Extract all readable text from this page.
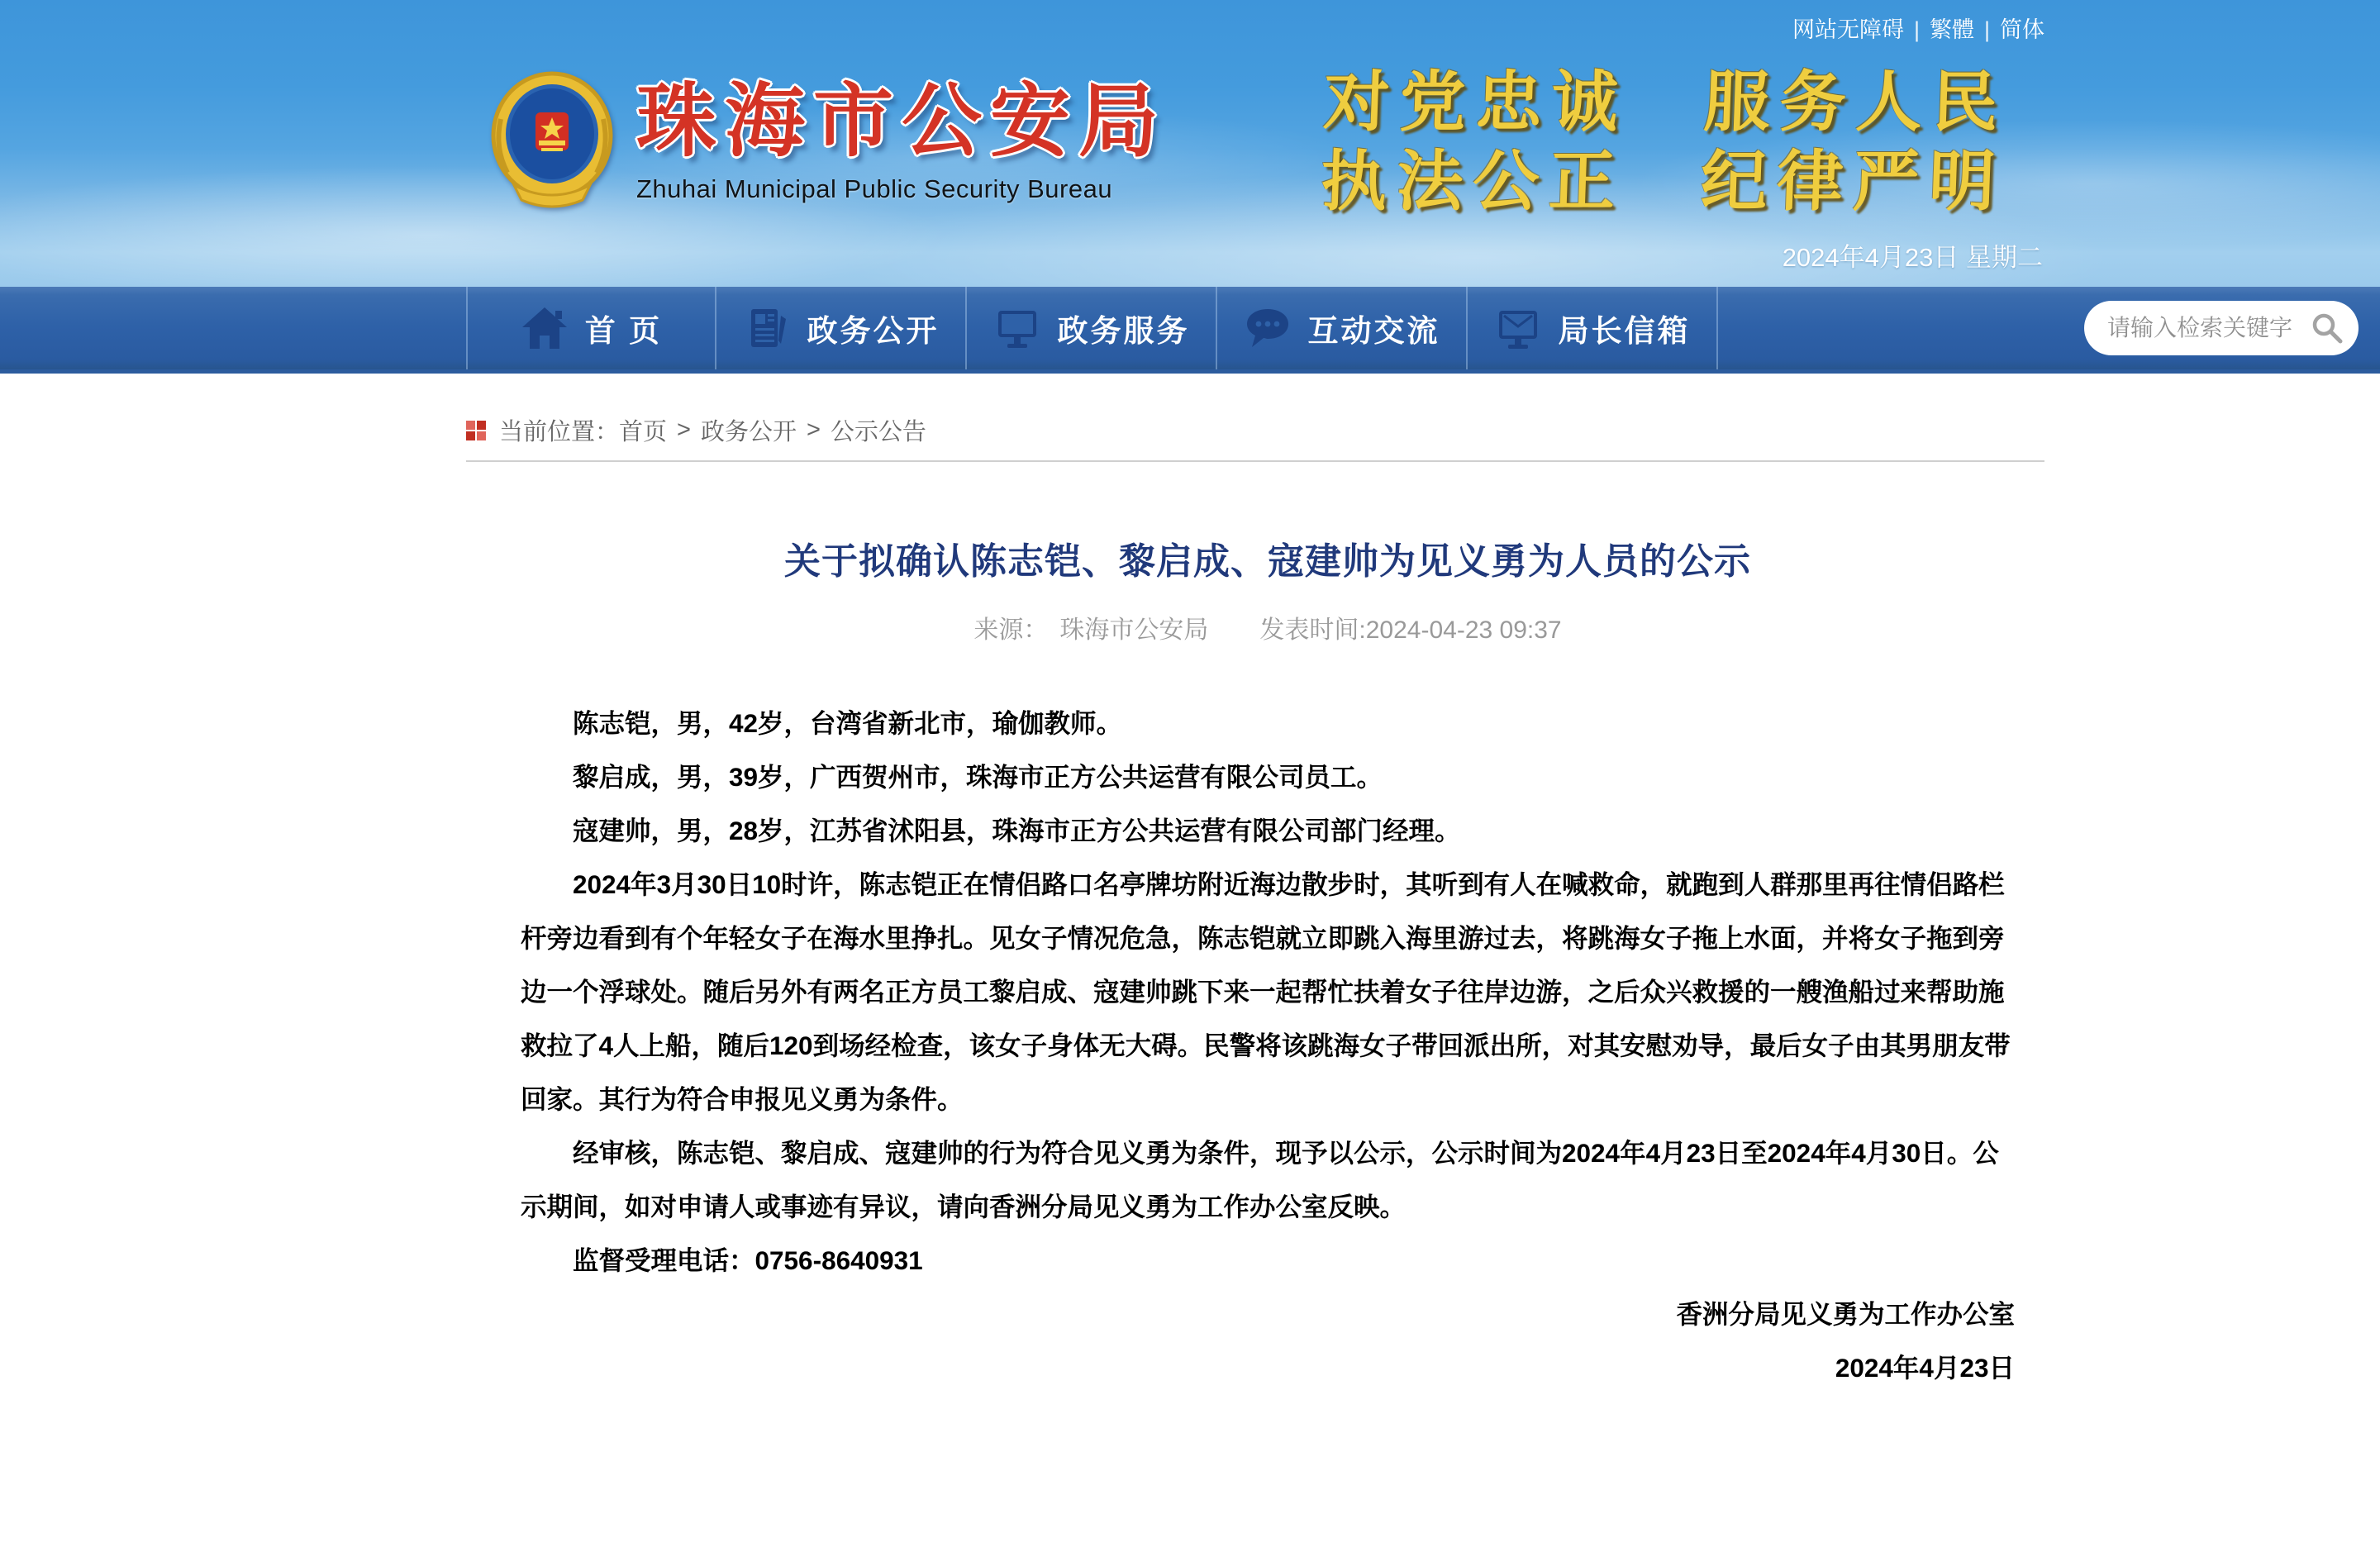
网站无障碍 | 繁體 | 简体
珠海市公安局
Zhuhai Municipal Public Security Bureau
对党忠诚　服务人民
执法公正　纪律严明
2024年4月23日 星期二
首 页	政务公开	政务服务	互动交流	局长信箱
请输入检索关键字
当前位置： 首页 > 政务公开 > 公示公告
关于拟确认陈志铠、黎启成、寇建帅为见义勇为人员的公示
来源： 珠海市公安局 发表时间:2024-04-23 09:37

陈志铠，男，42岁，台湾省新北市，瑜伽教师。

黎启成，男，39岁，广西贺州市，珠海市正方公共运营有限公司员工。

寇建帅，男，28岁，江苏省沭阳县，珠海市正方公共运营有限公司部门经理。

2024年3月30日10时许，陈志铠正在情侣路口名亭牌坊附近海边散步时，其听到有人在喊救命，就跑到人群那里再往情侣路栏杆旁边看到有个年轻女子在海水里挣扎。见女子情况危急，陈志铠就立即跳入海里游过去，将跳海女子拖上水面，并将女子拖到旁边一个浮球处。随后另外有两名正方员工黎启成、寇建帅跳下来一起帮忙扶着女子往岸边游，之后众兴救援的一艘渔船过来帮助施救拉了4人上船，随后120到场经检查，该女子身体无大碍。民警将该跳海女子带回派出所，对其安慰劝导，最后女子由其男朋友带回家。其行为符合申报见义勇为条件。

经审核，陈志铠、黎启成、寇建帅的行为符合见义勇为条件，现予以公示，公示时间为2024年4月23日至2024年4月30日。公示期间，如对申请人或事迹有异议，请向香洲分局见义勇为工作办公室反映。

监督受理电话：0756-8640931

香洲分局见义勇为工作办公室
2024年4月23日
